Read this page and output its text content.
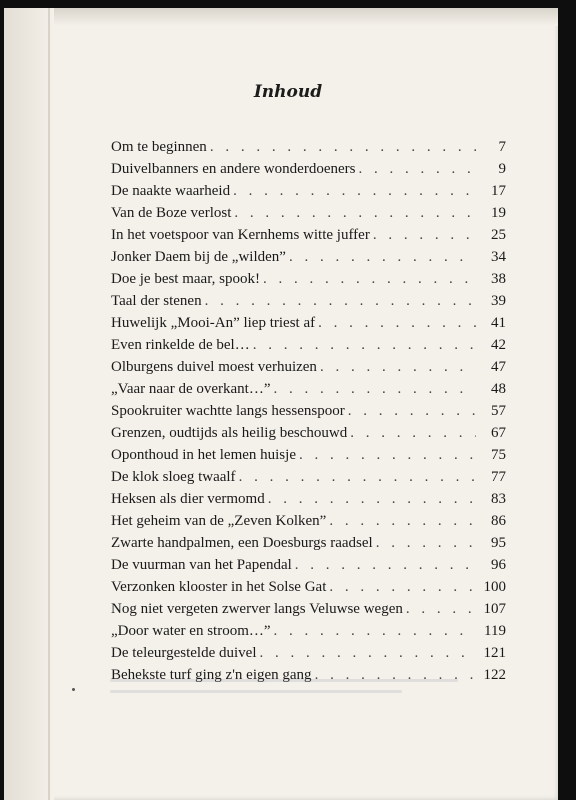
Inhoud
Om te beginnen . . .	7
Duivelbanners en andere wonderdoeners . . .	9
De naakte waarheid . . .	17
Van de Boze verlost . . .	19
In het voetspoor van Kernhems witte juffer . . .	25
Jonker Daem bij de „wilden” . . .	34
Doe je best maar, spook! . . .	38
Taal der stenen . . .	39
Huwelijk „Mooi-An” liep triest af . . .	41
Even rinkelde de bel… . . .	42
Olburgens duivel moest verhuizen . . .	47
„Vaar naar de overkant…” . . .	48
Spookruiter wachtte langs hessenspoor . . .	57
Grenzen, oudtijds als heilig beschouwd . . .	67
Oponthoud in het lemen huisje . . .	75
De klok sloeg twaalf . . .	77
Heksen als dier vermomd . . .	83
Het geheim van de „Zeven Kolken” . . .	86
Zwarte handpalmen, een Doesburgs raadsel . . .	95
De vuurman van het Papendal . . .	96
Verzonken klooster in het Solse Gat . . .	100
Nog niet vergeten zwerver langs Veluwse wegen . . .	107
„Door water en stroom…” . . .	119
De teleurgestelde duivel . . .	121
Behekste turf ging z'n eigen gang . . .	122
